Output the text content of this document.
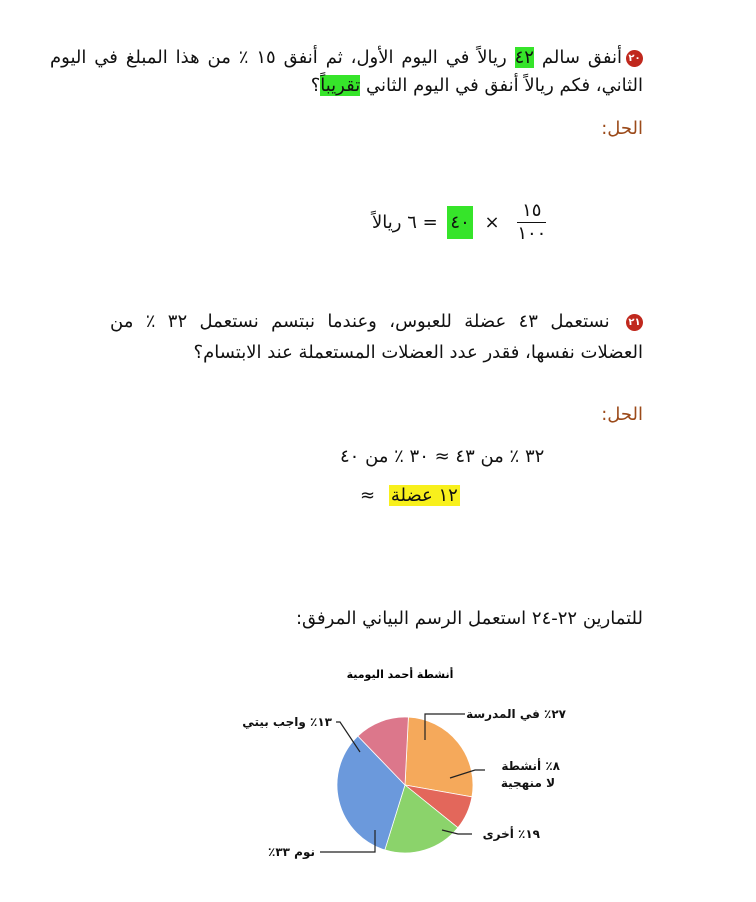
٢٠أنفق سالم ٤٢ ريالاً في اليوم الأول، ثم أنفق ١٥ ٪ من هذا المبلغ في اليوم الثاني، فكم ريالاً أنفق في اليوم الثاني تقريباً؟
الحل:
$\frac{١٥}{١٠٠}$
× ٤٠ = ٦ ريالاً
٢١ نستعمل ٤٣ عضلة للعبوس، وعندما نبتسم نستعمل ٣٢ ٪ من العضلات نفسها، فقدر عدد العضلات المستعملة عند الابتسام؟
الحل:
٣٢ ٪ من ٤٣ ≈ ٣٠ ٪ من ٤٠
١٢ عضلة ≈
للتمارين ٢٢-٢٤ استعمل الرسم البياني المرفق:
أنشطة أحمد اليومية
٢٧٪ في المدرسة
٨٪ أنشطة
لا منهجية
١٩٪ أخرى
نوم ٣٣٪
١٣٪ واجب بيتي
